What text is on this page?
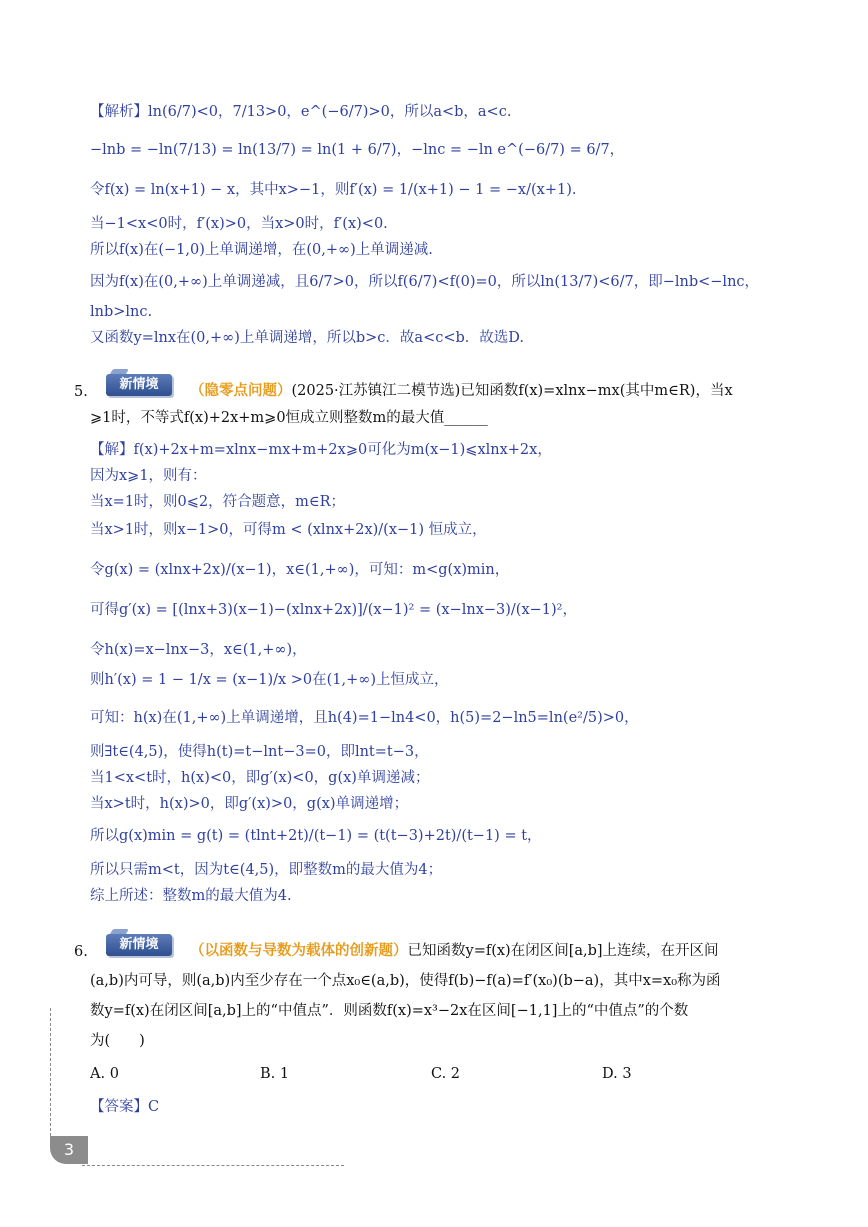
【解析】ln(6/7)<0，7/13>0，e^(−6/7)>0，所以a<b，a<c.
−lnb = −ln(7/13) = ln(13/7) = ln(1 + 6/7)，−lnc = −ln e^(−6/7) = 6/7，
令f(x) = ln(x+1) − x，其中x>−1，则f′(x) = 1/(x+1) − 1 = −x/(x+1).
当−1<x<0时，f′(x)>0，当x>0时，f′(x)<0.
所以f(x)在(−1,0)上单调递增，在(0,+∞)上单调递减.
因为f(x)在(0,+∞)上单调递减，且6/7>0，所以f(6/7)<f(0)=0，所以ln(13/7)<6/7，即−lnb<−lnc，
lnb>lnc.
又函数y=lnx在(0,+∞)上单调递增，所以b>c．故a<c<b．故选D.
5.	新情境	（隐零点问题）(2025·江苏镇江二模节选)已知函数f(x)=xlnx−mx(其中m∈R)，当x
⩾1时，不等式f(x)+2x+m⩾0恒成立则整数m的最大值______
【解】f(x)+2x+m=xlnx−mx+m+2x⩾0可化为m(x−1)⩽xlnx+2x，
因为x⩾1，则有：
当x=1时，则0⩽2，符合题意，m∈R；
当x>1时，则x−1>0，可得m < (xlnx+2x)/(x−1) 恒成立，
令g(x) = (xlnx+2x)/(x−1)，x∈(1,+∞)，可知：m<g(x)min，
可得g′(x) = [(lnx+3)(x−1)−(xlnx+2x)]/(x−1)² = (x−lnx−3)/(x−1)²，
令h(x)=x−lnx−3，x∈(1,+∞)，
则h′(x) = 1 − 1/x = (x−1)/x >0在(1,+∞)上恒成立，
可知：h(x)在(1,+∞)上单调递增，且h(4)=1−ln4<0，h(5)=2−ln5=ln(e²/5)>0，
则∃t∈(4,5)，使得h(t)=t−lnt−3=0，即lnt=t−3，
当1<x<t时，h(x)<0，即g′(x)<0，g(x)单调递减；
当x>t时，h(x)>0，即g′(x)>0，g(x)单调递增；
所以g(x)min = g(t) = (tlnt+2t)/(t−1) = (t(t−3)+2t)/(t−1) = t，
所以只需m<t，因为t∈(4,5)，即整数m的最大值为4；
综上所述：整数m的最大值为4.
6.	新情境	（以函数与导数为载体的创新题）已知函数y=f(x)在闭区间[a,b]上连续，在开区间
(a,b)内可导，则(a,b)内至少存在一个点x₀∈(a,b)，使得f(b)−f(a)=f′(x₀)(b−a)，其中x=x₀称为函
数y=f(x)在闭区间[a,b]上的“中值点”．则函数f(x)=x³−2x在区间[−1,1]上的“中值点”的个数
为(　　)
A. 0	B. 1	C. 2	D. 3
【答案】C
3
